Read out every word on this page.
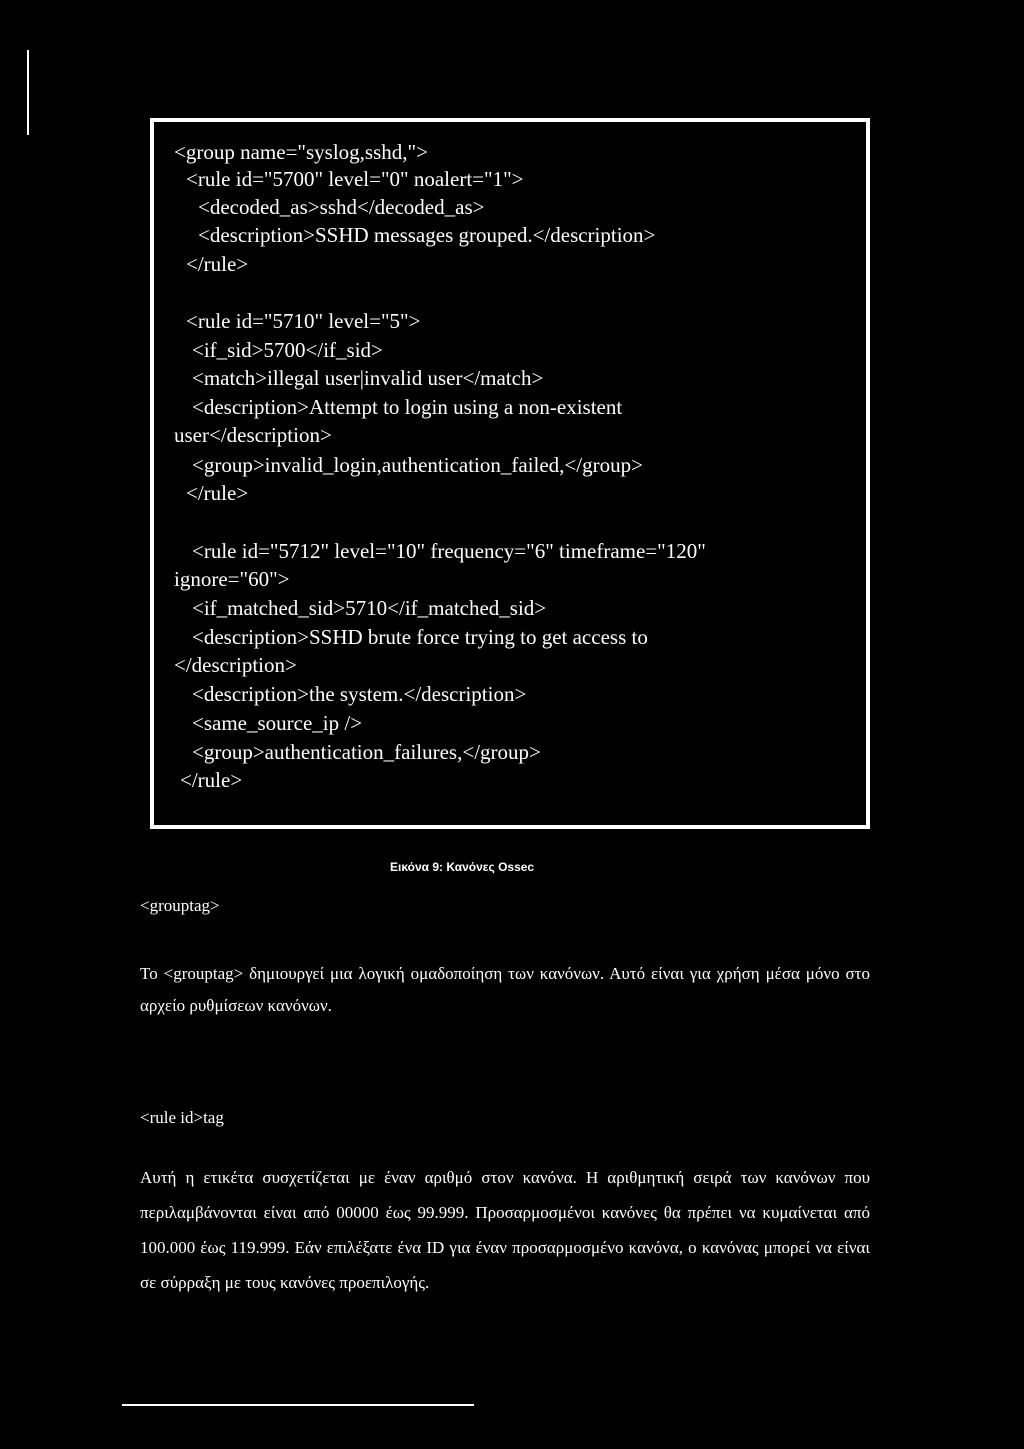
<group name="syslog,sshd,">
<rule id="5700" level="0" noalert="1">
<decoded_as>sshd</decoded_as>
<description>SSHD messages grouped.</description>
</rule>
<rule id="5710" level="5">
<if_sid>5700</if_sid>
<match>illegal user|invalid user</match>
<description>Attempt to login using a non-existent
user</description>
<group>invalid_login,authentication_failed,</group>
</rule>
<rule id="5712" level="10" frequency="6" timeframe="120"
ignore="60">
<if_matched_sid>5710</if_matched_sid>
<description>SSHD brute force trying to get access to
</description>
<description>the system.</description>
<same_source_ip />
<group>authentication_failures,</group>
</rule>
Εικόνα 9: Κανόνες Ossec
<grouptag>
Το <grouptag> δημιουργεί μια λογική ομαδοποίηση των κανόνων. Αυτό είναι για χρήση μέσα μόνο στο αρχείο ρυθμίσεων κανόνων.
<rule id>tag
Αυτή η ετικέτα συσχετίζεται με έναν αριθμό στον κανόνα. Η αριθμητική σειρά των κανόνων που περιλαμβάνονται είναι από 00000 έως 99.999. Προσαρμοσμένοι κανόνες θα πρέπει να κυμαίνεται από 100.000 έως 119.999. Εάν επιλέξατε ένα ID για έναν προσαρμοσμένο κανόνα, ο κανόνας μπορεί να είναι σε σύρραξη με τους κανόνες προεπιλογής.
